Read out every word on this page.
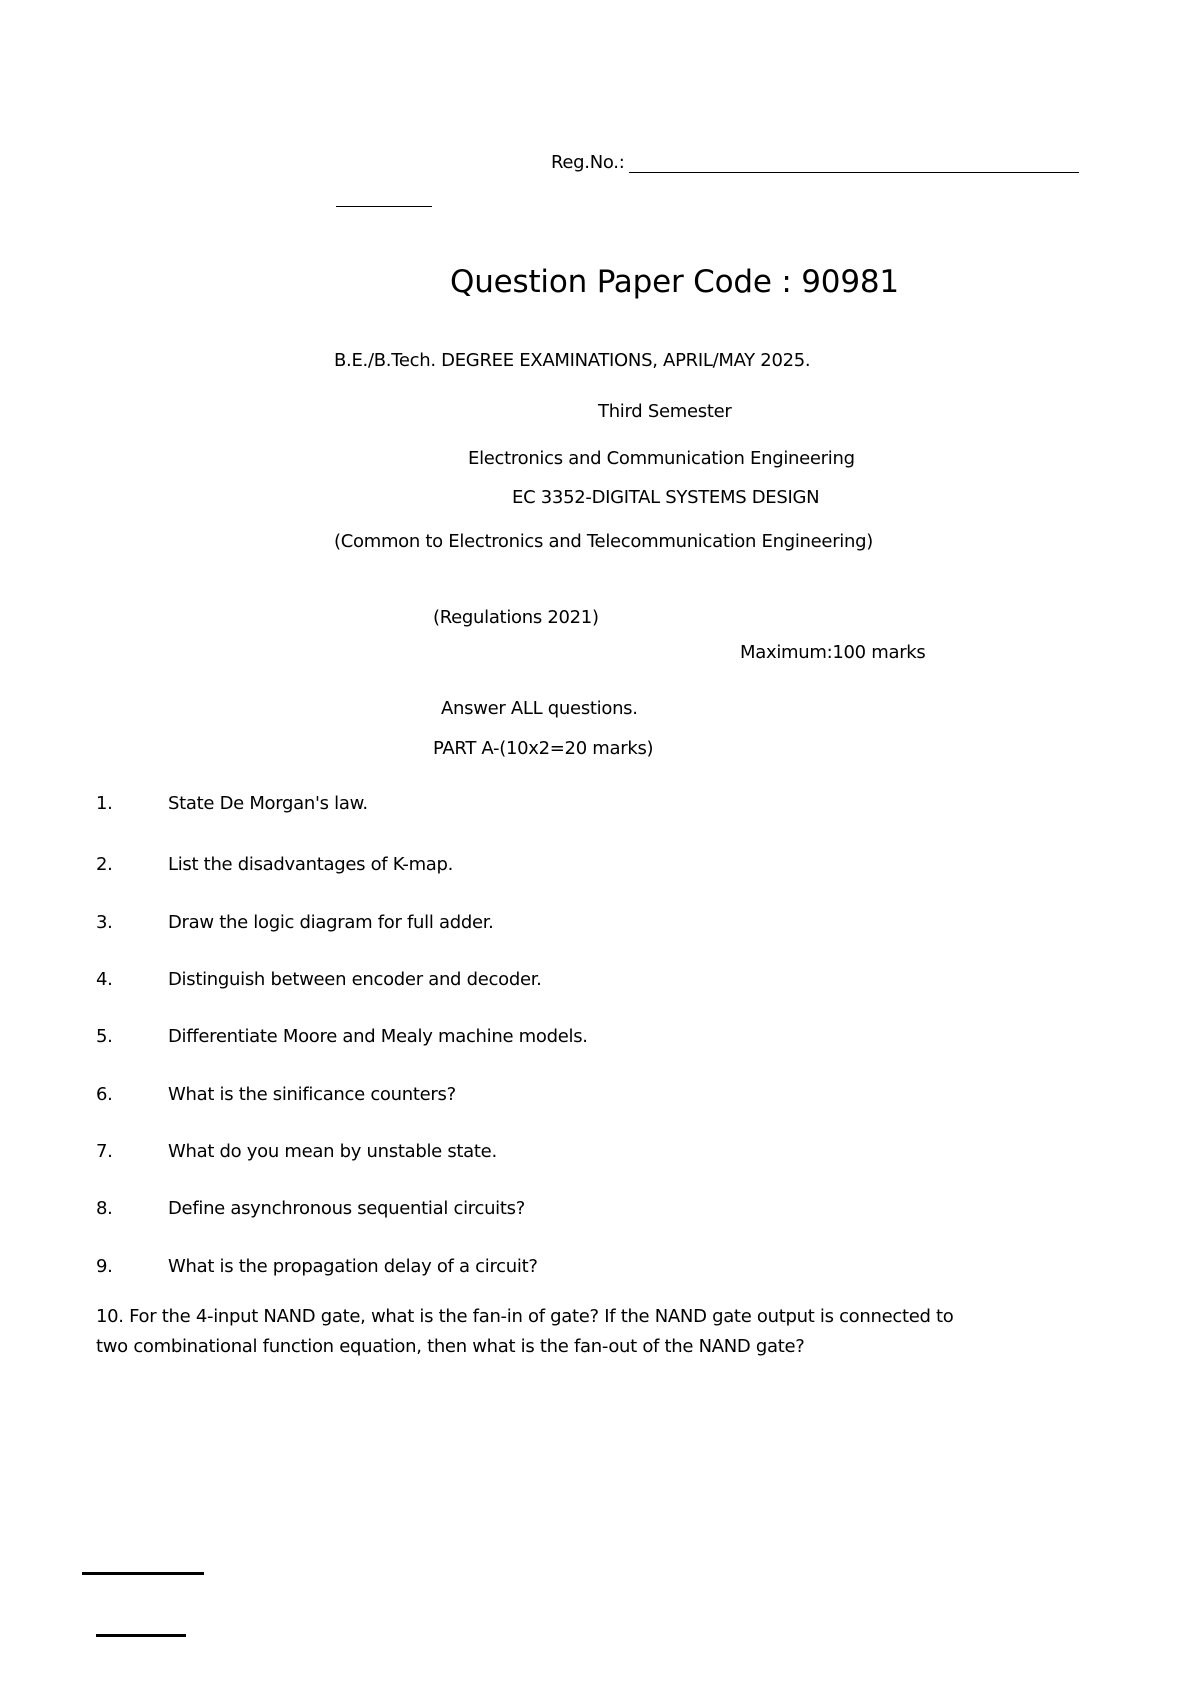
Reg.No.:
Question Paper Code : 90981
B.E./B.Tech. DEGREE EXAMINATIONS, APRIL/MAY 2025.
Third Semester
Electronics and Communication Engineering
EC 3352-DIGITAL SYSTEMS DESIGN
(Common to Electronics and Telecommunication Engineering)
(Regulations 2021)
Maximum:100 marks
Answer ALL questions.
PART A-(10x2=20 marks)
1.	State De Morgan's law.
2.	List the disadvantages of K-map.
3.	Draw the logic diagram for full adder.
4.	Distinguish between encoder and decoder.
5.	Differentiate Moore and Mealy machine models.
6.	What is the sinificance counters?
7.	What do you mean by unstable state.
8.	Define asynchronous sequential circuits?
9.	What is the propagation delay of a circuit?
10. For the 4-input NAND gate, what is the fan-in of gate? If the NAND gate output is connected to
two combinational function equation, then what is the fan-out of the NAND gate?
